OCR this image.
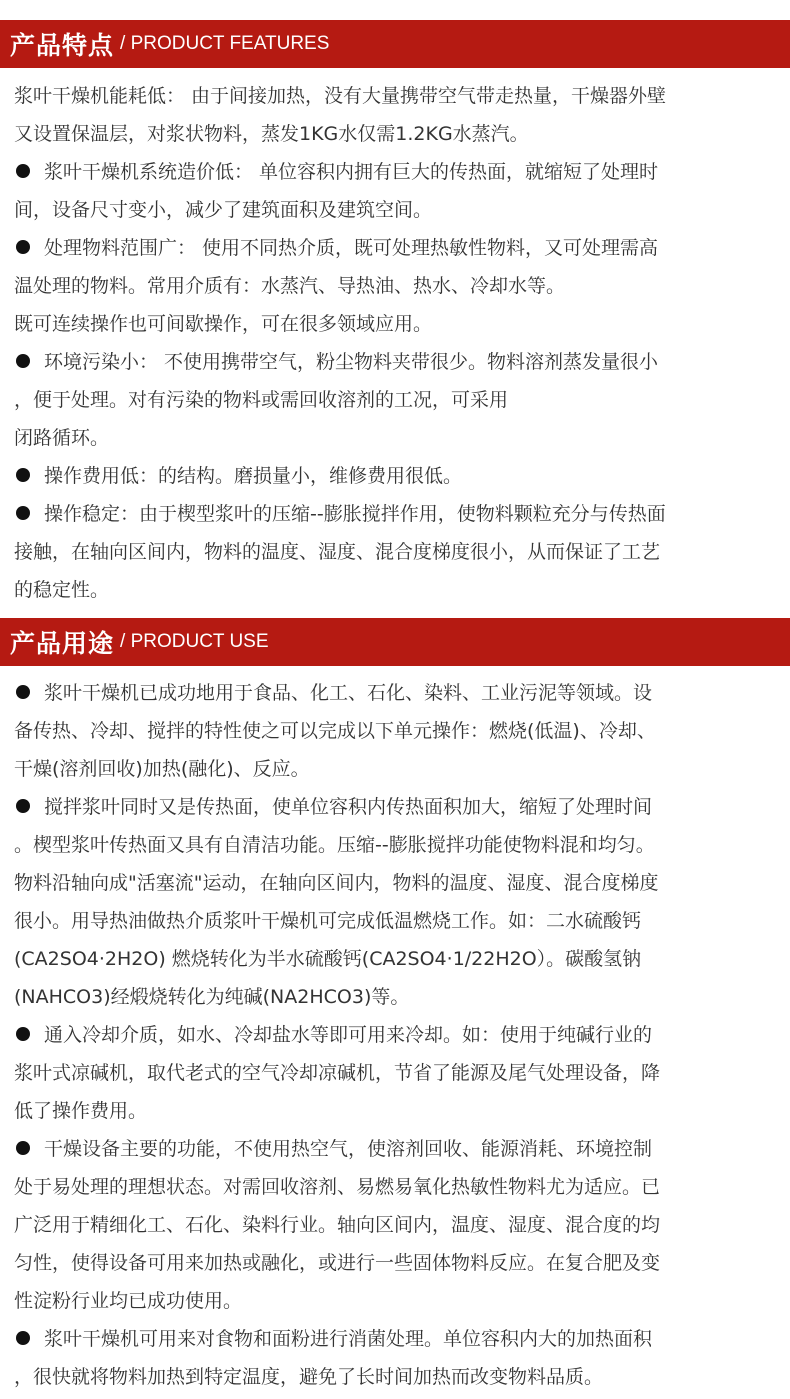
产品特点 / PRODUCT FEATURES
浆叶干燥机能耗低： 由于间接加热，没有大量携带空气带走热量，干燥器外壁
又设置保温层，对浆状物料，蒸发1KG水仅需1.2KG水蒸汽。
浆叶干燥机系统造价低： 单位容积内拥有巨大的传热面，就缩短了处理时
间，设备尺寸变小，减少了建筑面积及建筑空间。
处理物料范围广： 使用不同热介质，既可处理热敏性物料，又可处理需高
温处理的物料。常用介质有：水蒸汽、导热油、热水、冷却水等。
既可连续操作也可间歇操作，可在很多领域应用。
环境污染小： 不使用携带空气，粉尘物料夹带很少。物料溶剂蒸发量很小
，便于处理。对有污染的物料或需回收溶剂的工况，可采用
闭路循环。
操作费用低：的结构。磨损量小，维修费用很低。
操作稳定：由于楔型浆叶的压缩--膨胀搅拌作用，使物料颗粒充分与传热面
接触，在轴向区间内，物料的温度、湿度、混合度梯度很小，从而保证了工艺
的稳定性。
产品用途 / PRODUCT USE
浆叶干燥机已成功地用于食品、化工、石化、染料、工业污泥等领域。设
备传热、冷却、搅拌的特性使之可以完成以下单元操作：燃烧(低温)、冷却、
干燥(溶剂回收)加热(融化)、反应。
搅拌浆叶同时又是传热面，使单位容积内传热面积加大，缩短了处理时间
。楔型浆叶传热面又具有自清洁功能。压缩--膨胀搅拌功能使物料混和均匀。
物料沿轴向成"活塞流"运动，在轴向区间内，物料的温度、湿度、混合度梯度
很小。用导热油做热介质浆叶干燥机可完成低温燃烧工作。如：二水硫酸钙
(CA2SO4·2H2O) 燃烧转化为半水硫酸钙(CA2SO4·1/22H2O）。碳酸氢钠
(NAHCO3)经煅烧转化为纯碱(NA2HCO3)等。
通入冷却介质，如水、冷却盐水等即可用来冷却。如：使用于纯碱行业的
浆叶式凉碱机，取代老式的空气冷却凉碱机，节省了能源及尾气处理设备，降
低了操作费用。
干燥设备主要的功能，不使用热空气，使溶剂回收、能源消耗、环境控制
处于易处理的理想状态。对需回收溶剂、易燃易氧化热敏性物料尤为适应。已
广泛用于精细化工、石化、染料行业。轴向区间内，温度、湿度、混合度的均
匀性，使得设备可用来加热或融化，或进行一些固体物料反应。在复合肥及变
性淀粉行业均已成功使用。
浆叶干燥机可用来对食物和面粉进行消菌处理。单位容积内大的加热面积
，很快就将物料加热到特定温度，避免了长时间加热而改变物料品质。
